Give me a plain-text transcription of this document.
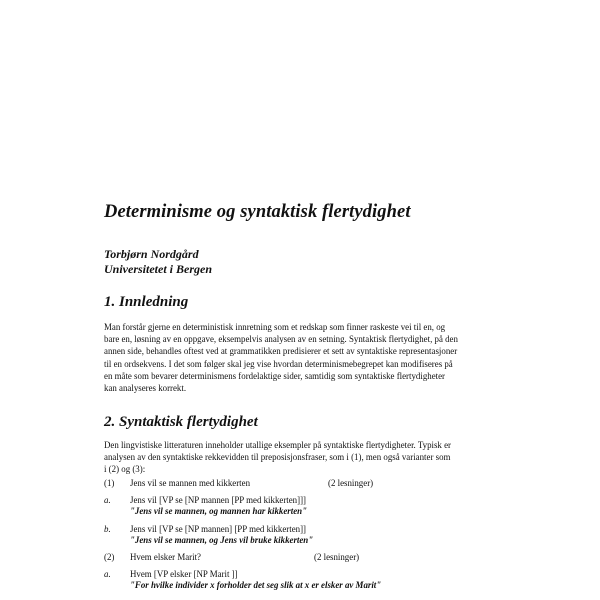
Determinisme og syntaktisk flertydighet
Torbjørn Nordgård
Universitetet i Bergen
1. Innledning
Man forstår gjerne en deterministisk innretning som et redskap som finner raskeste vei til en, og
bare en, løsning av en oppgave, eksempelvis analysen av en setning. Syntaktisk flertydighet, på den
annen side, behandles oftest ved at grammatikken predisierer et sett av syntaktiske representasjoner
til en ordsekvens. I det som følger skal jeg vise hvordan determinismebegrepet kan modifiseres på
en måte som bevarer determinismens fordelaktige sider, samtidig som syntaktiske flertydigheter
kan analyseres korrekt.
2. Syntaktisk flertydighet
Den lingvistiske litteraturen inneholder utallige eksempler på syntaktiske flertydigheter. Typisk er
analysen av den syntaktiske rekkevidden til preposisjonsfraser, som i (1), men også varianter som
i (2) og (3):
(1) Jens vil se mannen med kikkerten	(2 lesninger)
a. Jens vil [VP se [NP mannen [PP med kikkerten]]]
"Jens vil se mannen, og mannen har kikkerten"
b. Jens vil [VP se [NP mannen] [PP med kikkerten]]
"Jens vil se mannen, og Jens vil bruke kikkerten"
(2) Hvem elsker Marit?	(2 lesninger)
a. Hvem [VP elsker [NP Marit ]]
"For hvilke individer x forholder det seg slik at x er elsker av Marit"
